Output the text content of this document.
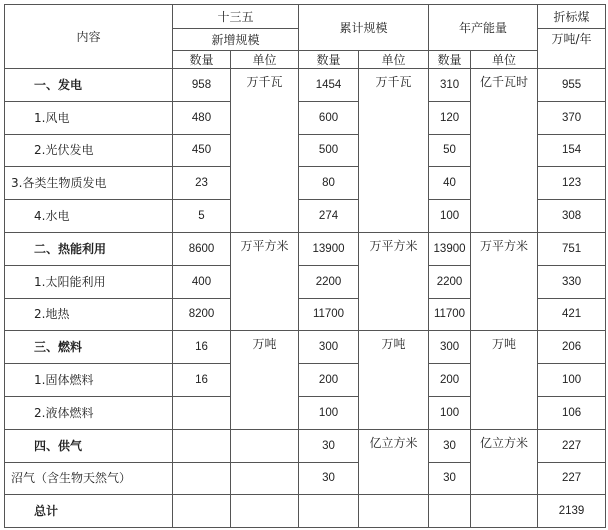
内容	十三五		累计规模		年产能量		折标煤
	新增规模						万吨/年
	数量	单位	数量	单位	数量	单位	
一、发电	958	万千瓦	1454	万千瓦	310	亿千瓦时	955
1.风电	480		600		120		370
2.光伏发电	450		500		50		154
3.各类生物质发电	23		80		40		123
4.水电	5		274		100		308
二、热能利用	8600	万平方米	13900	万平方米	13900	万平方米	751
1.太阳能利用	400		2200		2200		330
2.地热	8200		11700		11700		421
三、燃料	16	万吨	300	万吨	300	万吨	206
1.固体燃料	16		200		200		100
2.液体燃料			100		100		106
四、供气			30	亿立方米	30	亿立方米	227
沼气（含生物天然气）			30		30		227
总计							2139
